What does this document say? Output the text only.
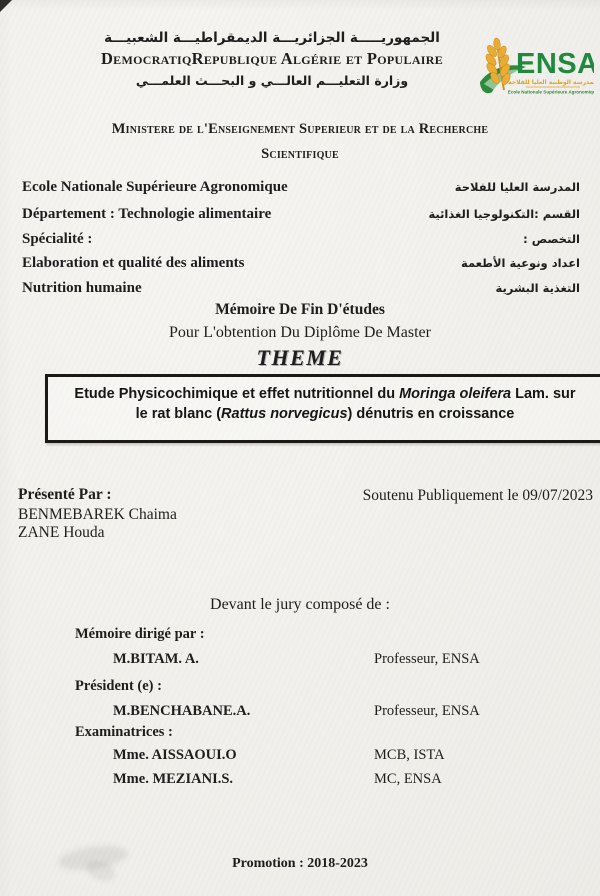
الجمهوريـــــة الجزائريـــة الديمقراطيـــة الشعبيـــة
DemocratiqRepublique Algérie et Populaire
وزارة التعليـــم العالـــي و البحـــث العلمـــي
ENSA
المدرسة الوطنية العليا للفلاحة
Ecole Nationale Supérieure Agronomique
Ministere de l'Enseignement Superieur et de la Recherche
Scientifique
Ecole Nationale Supérieure Agronomique	المدرسة العليا للفلاحة
Département : Technologie alimentaire	القسم :التكنولوجيا الغذائية
Spécialité :	التخصص :
Elaboration et qualité des aliments	اعداد ونوعية الأطعمة
Nutrition humaine	التغذية البشرية
Mémoire De Fin D'études
Pour L'obtention Du Diplôme De Master
THEME
Etude Physicochimique et effet nutritionnel du Moringa oleifera Lam. sur le rat blanc (Rattus norvegicus) dénutris en croissance
Présenté Par :
BENMEBAREK Chaima
ZANE Houda
Soutenu Publiquement le 09/07/2023
Devant le jury composé de :
Mémoire dirigé par :
M.BITAM. A.	Professeur, ENSA
Président (e) :
M.BENCHABANE.A.	Professeur, ENSA
Examinatrices :
Mme. AISSAOUI.O	MCB, ISTA
Mme. MEZIANI.S.	MC, ENSA
Promotion : 2018-2023
